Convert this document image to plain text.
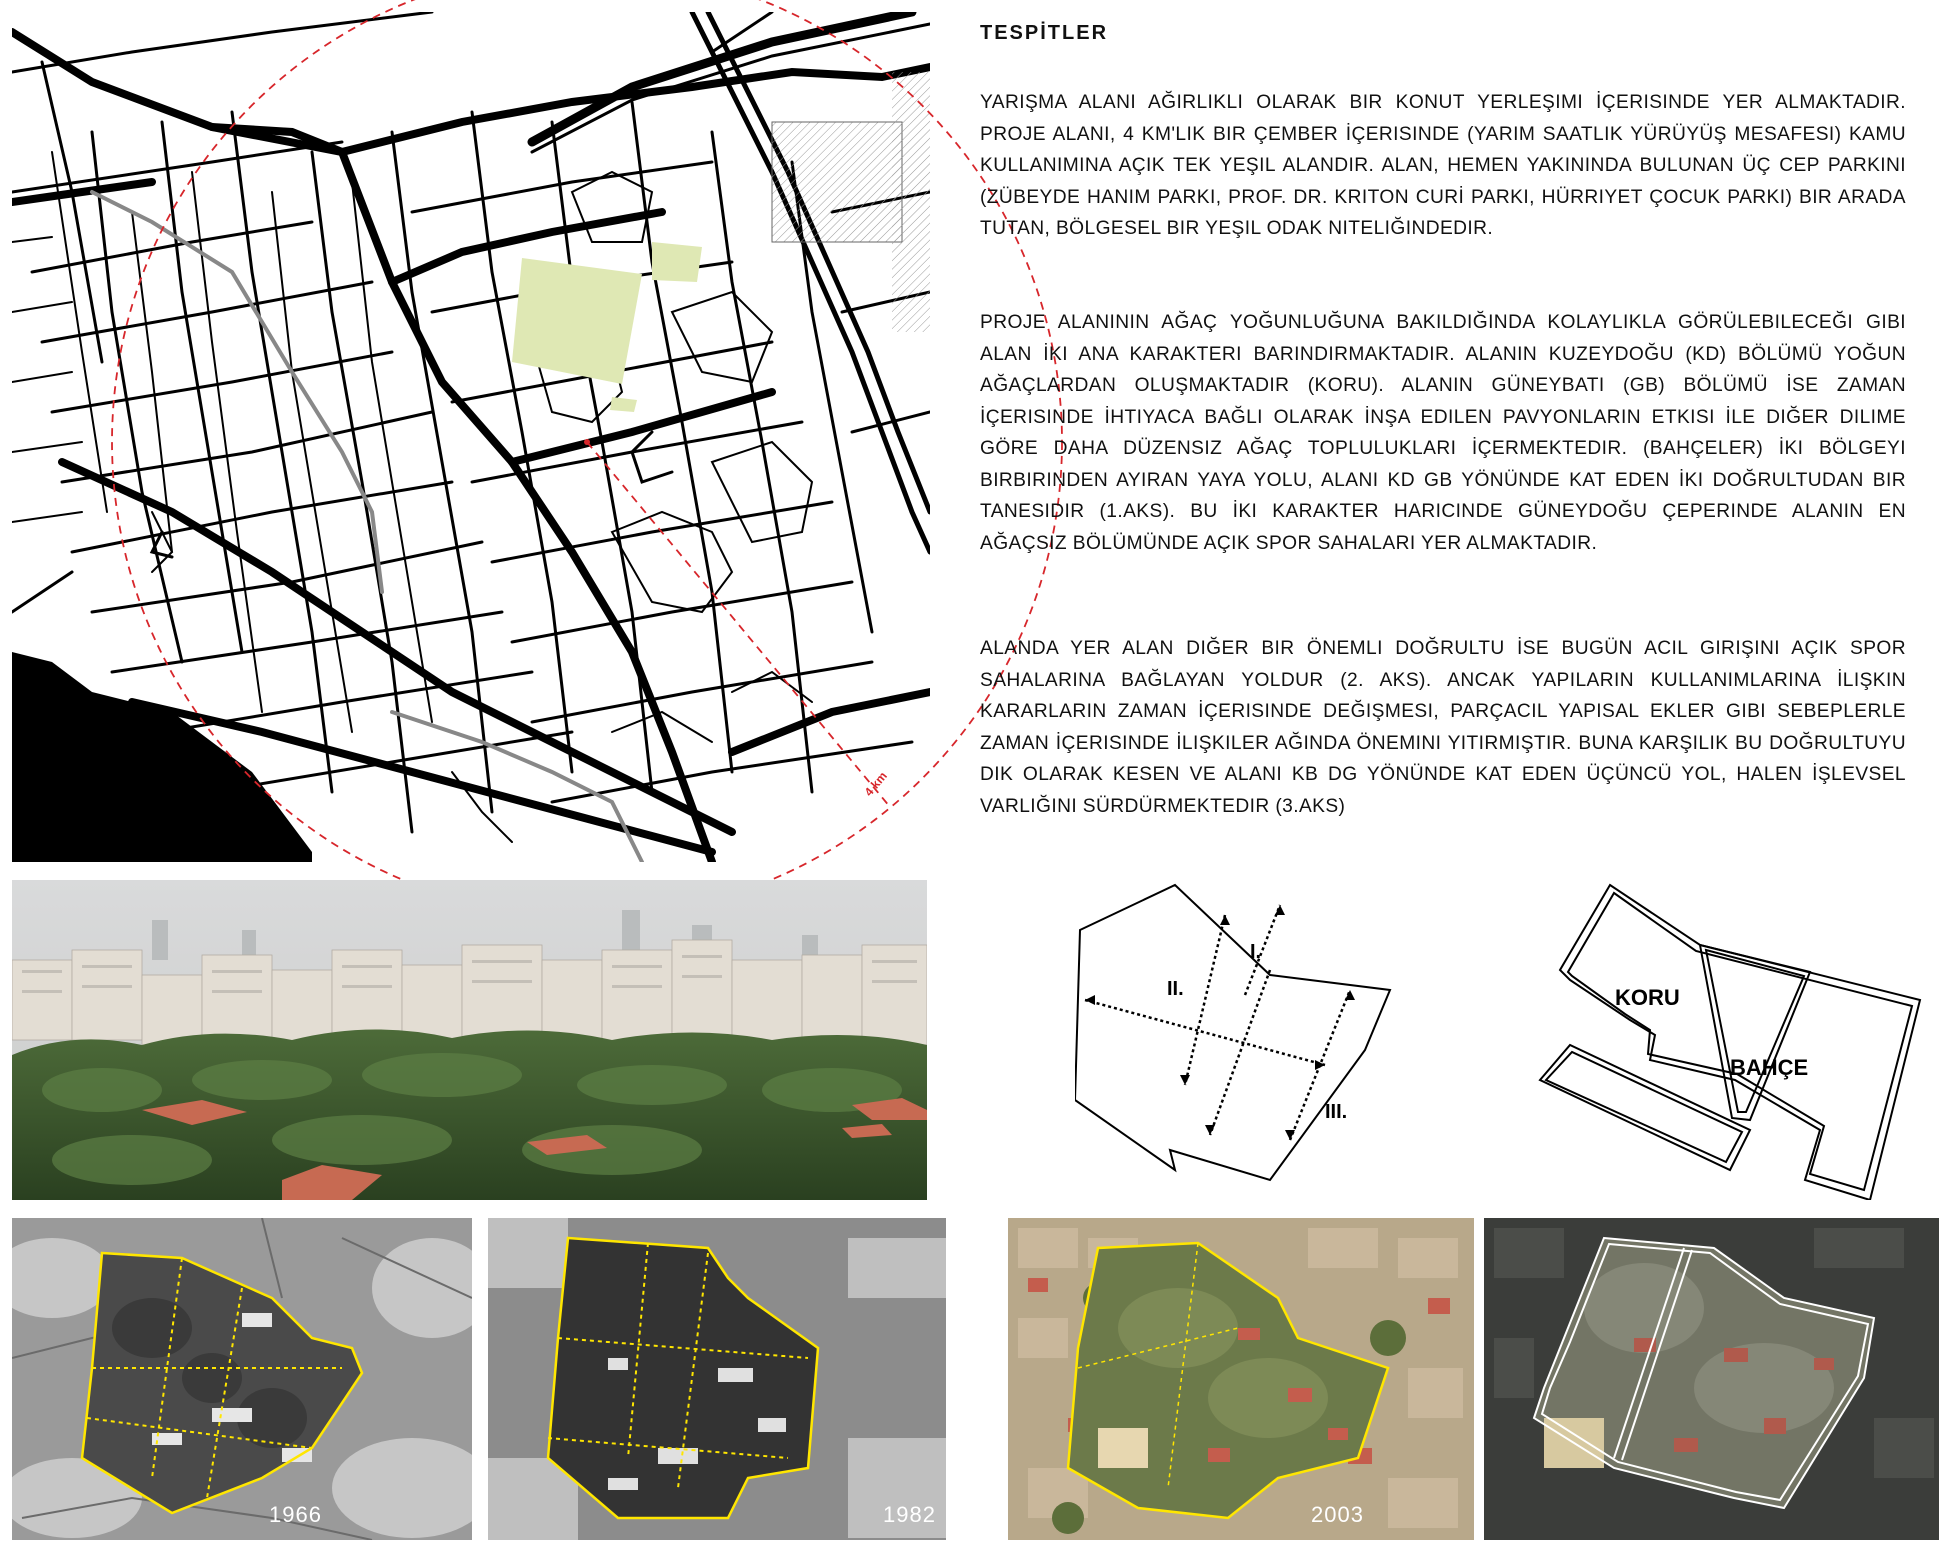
4 km
TESPİTLER
YARIŞMA ALANI AĞIRLIKLI OLARAK BIR KONUT YERLEŞIMI İÇERISINDE YER ALMAKTADIR. PROJE ALANI, 4 KM'LIK BIR ÇEMBER İÇERISINDE (YARIM SAATLIK YÜRÜYÜŞ MESAFESI) KAMU KULLANIMINA AÇIK TEK YEŞIL ALANDIR. ALAN, HEMEN YAKININDA BULUNAN ÜÇ CEP PARKINI (ZÜBEYDE HANIM PARKI, PROF. DR. KRITON CURİ PARKI, HÜRRIYET ÇOCUK PARKI) BIR ARADA TUTAN, BÖLGESEL BIR YEŞIL ODAK NITELIĞINDEDIR.
PROJE ALANININ AĞAÇ YOĞUNLUĞUNA BAKILDIĞINDA KOLAYLIKLA GÖRÜLEBILECEĞI GIBI ALAN İKI ANA KARAKTERI BARINDIRMAKTADIR. ALANIN KUZEYDOĞU (KD) BÖLÜMÜ YOĞUN AĞAÇLARDAN OLUŞMAKTADIR (KORU). ALANIN GÜNEYBATI (GB) BÖLÜMÜ İSE ZAMAN İÇERISINDE İHTIYACA BAĞLI OLARAK İNŞA EDILEN PAVYONLARIN ETKISI İLE DIĞER DILIME GÖRE DAHA DÜZENSIZ AĞAÇ TOPLULUKLARI İÇERMEKTEDIR. (BAHÇELER) İKI BÖLGEYI BIRBIRINDEN AYIRAN YAYA YOLU, ALANI KD GB YÖNÜNDE KAT EDEN İKI DOĞRULTUDAN BIR TANESIDIR (1.AKS). BU İKI KARAKTER HARICINDE GÜNEYDOĞU ÇEPERINDE ALANIN EN AĞAÇSIZ BÖLÜMÜNDE AÇIK SPOR SAHALARI YER ALMAKTADIR.
ALANDA YER ALAN DIĞER BIR ÖNEMLI DOĞRULTU İSE BUGÜN ACIL GIRIŞINI AÇIK SPOR SAHALARINA BAĞLAYAN YOLDUR (2. AKS). ANCAK YAPILARIN KULLANIMLARINA İLIŞKIN KARARLARIN ZAMAN İÇERISINDE DEĞIŞMESI, PARÇACIL YAPISAL EKLER GIBI SEBEPLERLE ZAMAN İÇERISINDE İLIŞKILER AĞINDA ÖNEMINI YITIRMIŞTIR. BUNA KARŞILIK BU DOĞRULTUYU DIK OLARAK KESEN VE ALANI KB DG YÖNÜNDE KAT EDEN ÜÇÜNCÜ YOL, HALEN İŞLEVSEL VARLIĞINI SÜRDÜRMEKTEDIR (3.AKS)
I.
II.
III.
KORU
BAHÇE
1966	1982	2003
